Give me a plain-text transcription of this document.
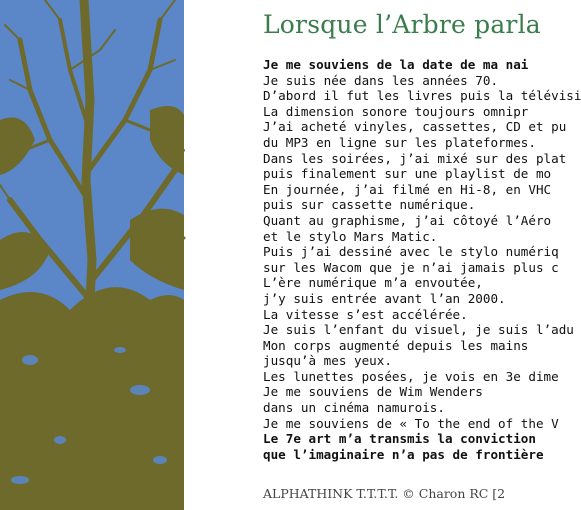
Lorsque l’Arbre parla
Je me souviens de la date de ma nai
Je suis née dans les années 70.
D’abord il fut les livres puis la télévisi
La dimension sonore toujours omnipr
J’ai acheté vinyles, cassettes, CD et pu
du MP3 en ligne sur les plateformes.
Dans les soirées, j’ai mixé sur des plat
puis finalement sur une playlist de mo
En journée, j’ai filmé en Hi-8, en VHC
puis sur cassette numérique.
Quant au graphisme, j’ai côtoyé l’Aéro
et le stylo Mars Matic.
Puis j’ai dessiné avec le stylo numériq
sur les Wacom que je n’ai jamais plus c
L’ère numérique m’a envoutée,
j’y suis entrée avant l’an 2000.
La vitesse s’est accélérée.
Je suis l’enfant du visuel, je suis l’adu
Mon corps augmenté depuis les mains
jusqu’à mes yeux.
Les lunettes posées, je vois en 3e dime
Je me souviens de Wim Wenders
dans un cinéma namurois.
Je me souviens de « To the end of the V
Le 7e art m’a transmis la conviction
que l’imaginaire n’a pas de frontière
ALPHATHINK T.T.T.T. © Charon RC [2
